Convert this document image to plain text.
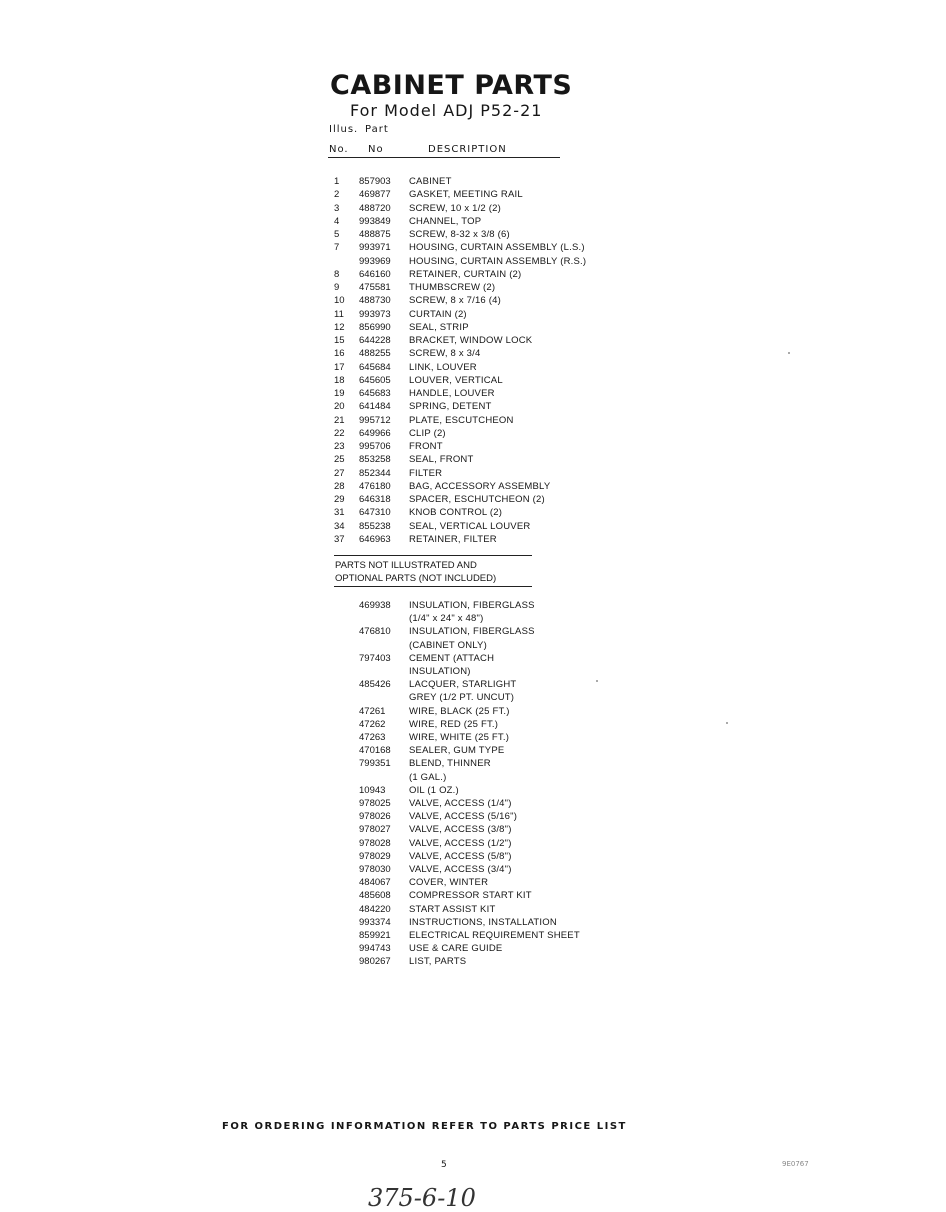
CABINET PARTS
For Model ADJ P52-21
Illus. Part
No. No	DESCRIPTION
1	857903 CABINET
2	469877 GASKET, MEETING RAIL
3	488720 SCREW, 10 x 1/2 (2)
4	993849 CHANNEL, TOP
5	488875 SCREW, 8-32 x 3/8 (6)
7	993971 HOUSING, CURTAIN ASSEMBLY (L.S.)
993969 HOUSING, CURTAIN ASSEMBLY (R.S.)
8	646160 RETAINER, CURTAIN (2)
9	475581 THUMBSCREW (2)
10	488730 SCREW, 8 x 7/16 (4)
11	993973 CURTAIN (2)
12	856990 SEAL, STRIP
15	644228 BRACKET, WINDOW LOCK
16	488255 SCREW, 8 x 3/4
17	645684 LINK, LOUVER
18	645605 LOUVER, VERTICAL
19	645683 HANDLE, LOUVER
20	641484 SPRING, DETENT
21	995712 PLATE, ESCUTCHEON
22	649966 CLIP (2)
23	995706 FRONT
25	853258 SEAL, FRONT
27	852344 FILTER
28	476180 BAG, ACCESSORY ASSEMBLY
29	646318 SPACER, ESCHUTCHEON (2)
31	647310 KNOB CONTROL (2)
34	855238 SEAL, VERTICAL LOUVER
37	646963 RETAINER, FILTER
PARTS NOT ILLUSTRATED AND
OPTIONAL PARTS (NOT INCLUDED)
469938 INSULATION, FIBERGLASS
(1/4" x 24" x 48")
476810 INSULATION, FIBERGLASS
(CABINET ONLY)
797403 CEMENT (ATTACH
INSULATION)
485426 LACQUER, STARLIGHT
GREY (1/2 PT. UNCUT)
47261 WIRE, BLACK (25 FT.)
47262 WIRE, RED (25 FT.)
47263 WIRE, WHITE (25 FT.)
470168 SEALER, GUM TYPE
799351 BLEND, THINNER
(1 GAL.)
10943 OIL (1 OZ.)
978025 VALVE, ACCESS (1/4")
978026 VALVE, ACCESS (5/16")
978027 VALVE, ACCESS (3/8")
978028 VALVE, ACCESS (1/2")
978029 VALVE, ACCESS (5/8")
978030 VALVE, ACCESS (3/4")
484067 COVER, WINTER
485608 COMPRESSOR START KIT
484220 START ASSIST KIT
993374 INSTRUCTIONS, INSTALLATION
859921 ELECTRICAL REQUIREMENT SHEET
994743 USE & CARE GUIDE
980267 LIST, PARTS
FOR ORDERING INFORMATION REFER TO PARTS PRICE LIST
5	9E0767
375-6-10
